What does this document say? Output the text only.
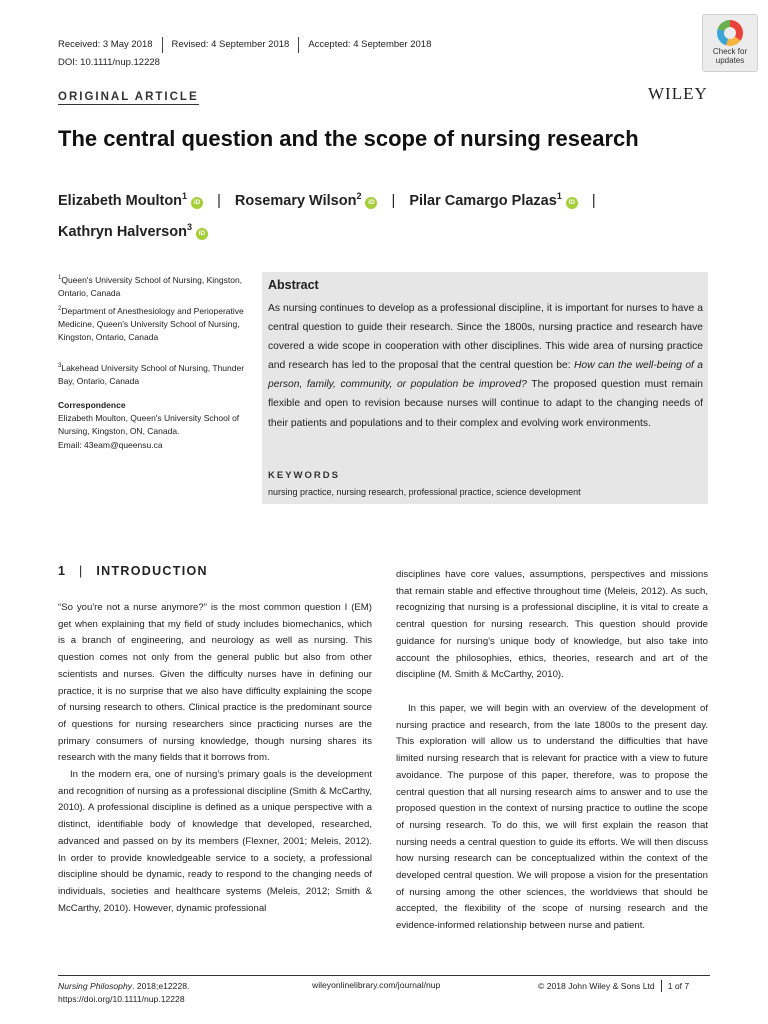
Received: 3 May 2018	Revised: 4 September 2018	Accepted: 4 September 2018
DOI: 10.1111/nup.12228
Check for
updates
ORIGINAL ARTICLE	WILEY
The central question and the scope of nursing research
Elizabeth Moulton$^1$iD | Rosemary Wilson$^2$iD | Pilar Camargo Plazas$^1$iD |
Kathryn Halverson$^3$iD
$^1$Queen's University School of Nursing, Kingston, Ontario, Canada
$^2$Department of Anesthesiology and Perioperative Medicine, Queen's University School of Nursing, Kingston, Ontario, Canada
$^3$Lakehead University School of Nursing, Thunder Bay, Ontario, Canada
Correspondence
Elizabeth Moulton, Queen's University School of Nursing, Kingston, ON, Canada.
Email: 43eam@queensu.ca
Abstract
As nursing continues to develop as a professional discipline, it is important for nurses to have a central question to guide their research. Since the 1800s, nursing practice and research have covered a wide scope in cooperation with other disciplines. This wide area of nursing practice and research has led to the proposal that the central question be: How can the well-being of a person, family, community, or population be improved? The proposed question must remain flexible and open to revision because nurses will continue to adapt to the changing needs of their patients and populations and to their complex and evolving work environments.
KEYWORDS
nursing practice, nursing research, professional practice, science development
1 | INTRODUCTION

“So you're not a nurse anymore?” is the most common question I (EM) get when explaining that my field of study includes biomechanics, which is a branch of engineering, and neurology as well as nursing. This question comes not only from the general public but also from other scientists and nurses. Given the difficulty nurses have in defining our practice, it is no surprise that we also have difficulty explaining the scope of nursing research to others. Clinical practice is the predominant source of questions for nursing researchers since practicing nurses are the primary consumers of nursing knowledge, though nursing shares its research with the many fields that it borrows from.

In the modern era, one of nursing's primary goals is the development and recognition of nursing as a professional discipline (Smith & McCarthy, 2010). A professional discipline is defined as a unique perspective with a distinct, identifiable body of knowledge that developed, researched, advanced and passed on by its members (Flexner, 2001; Meleis, 2012). In order to provide knowledgeable service to a society, a professional discipline should be dynamic, ready to respond to the changing needs of individuals, societies and healthcare systems (Meleis, 2012; Smith & McCarthy, 2010). However, dynamic professional

disciplines have core values, assumptions, perspectives and missions that remain stable and effective throughout time (Meleis, 2012). As such, recognizing that nursing is a professional discipline, it is vital to create a central question for nursing research. This question should provide guidance for nursing's unique body of knowledge, but also take into account the philosophies, ethics, theories, research and art of the discipline (M. Smith & McCarthy, 2010).

In this paper, we will begin with an overview of the development of nursing practice and research, from the late 1800s to the present day. This exploration will allow us to understand the difficulties that have limited nursing research that is relevant for practice with a view to future avoidance. The purpose of this paper, therefore, was to propose the central question that all nursing research aims to answer and to use the proposed question in the context of nursing practice to outline the scope of nursing research. To do this, we will first explain the reason that nursing needs a central question to guide its efforts. We will then discuss how nursing research can be conceptualized within the context of the developed central question. We will propose a vision for the presentation of nursing among the other sciences, the worldviews that should be accepted, the flexibility of the scope of nursing research and the evidence-informed relationship between nurse and patient.

Nursing Philosophy. 2018;e12228.
https://doi.org/10.1111/nup.12228
wileyonlinelibrary.com/journal/nup	© 2018 John Wiley & Sons Ltd 1 of 7
